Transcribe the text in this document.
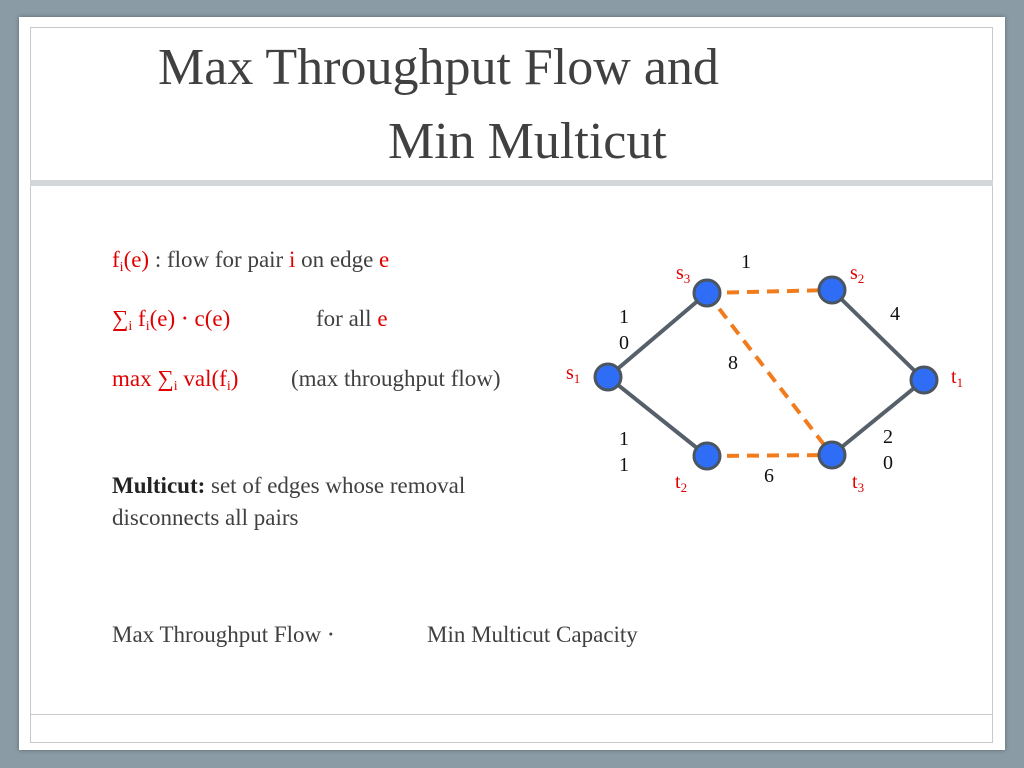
Max Throughput Flow and
Min Multicut
$f_i(e)$ : flow for pair i on edge e
$\sum_i$ $f_i(e) \cdot c(e)$	for all e
$\max \sum_i$ $val(f_i)$ (max throughput flow)
Multicut: set of edges whose removal
disconnects all pairs
Max Throughput Flow ⋅	Min Multicut Capacity
1
0
1
1
4
2
0
1
8
6
$s_1$
$s_3$	$s_2$
$t_1$
$t_2$	$t_3$
